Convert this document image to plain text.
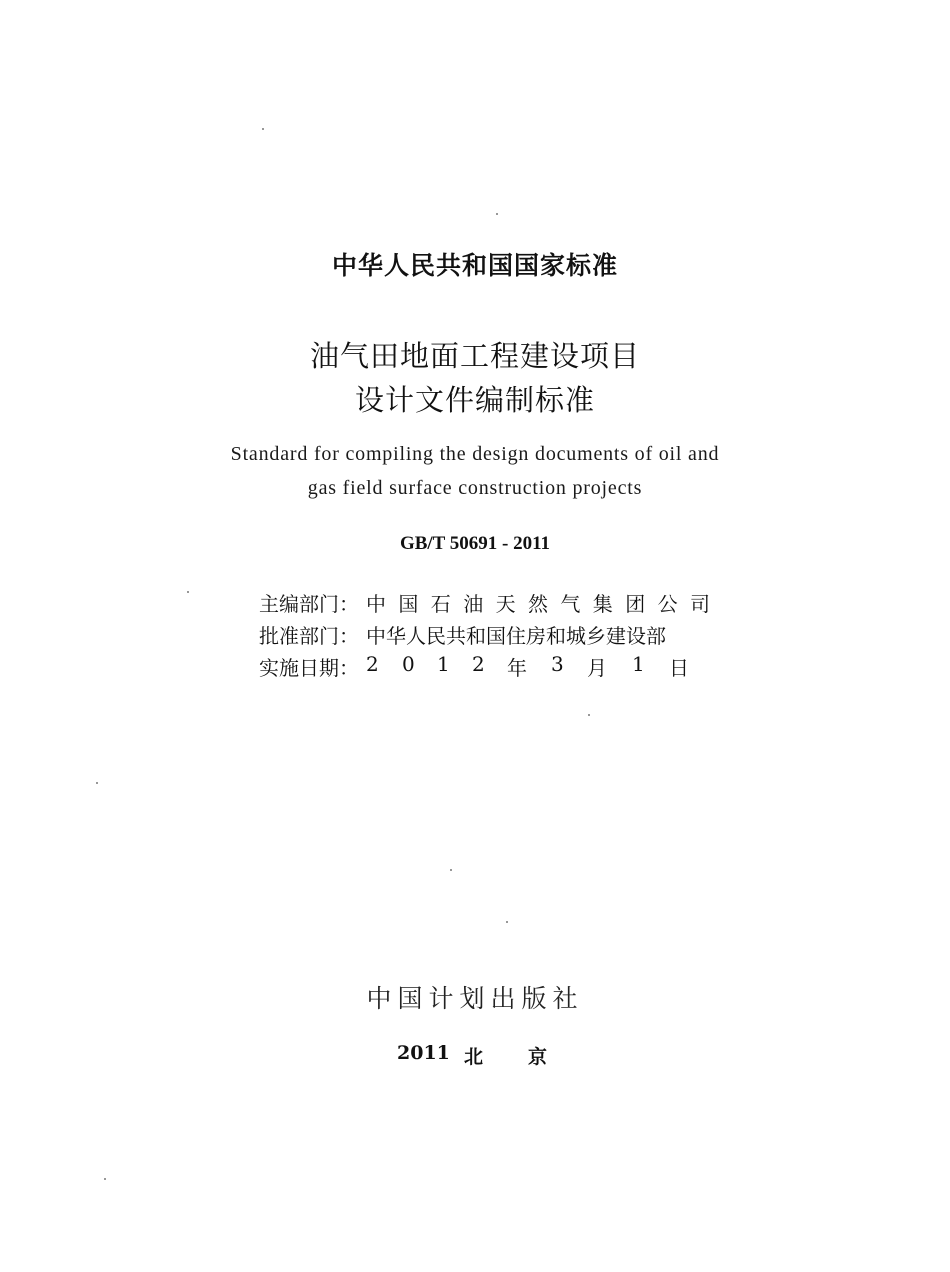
中华人民共和国国家标准
油气田地面工程建设项目
设计文件编制标准
Standard for compiling the design documents of oil and
gas field surface construction projects
GB/T 50691 - 2011
主编部门： 中国石油天然气集团公司
批准部门： 中华人民共和国住房和城乡建设部
实施日期： 2 0 1 2 年 3 月 1 日
中国计划出版社
2011 北 京
